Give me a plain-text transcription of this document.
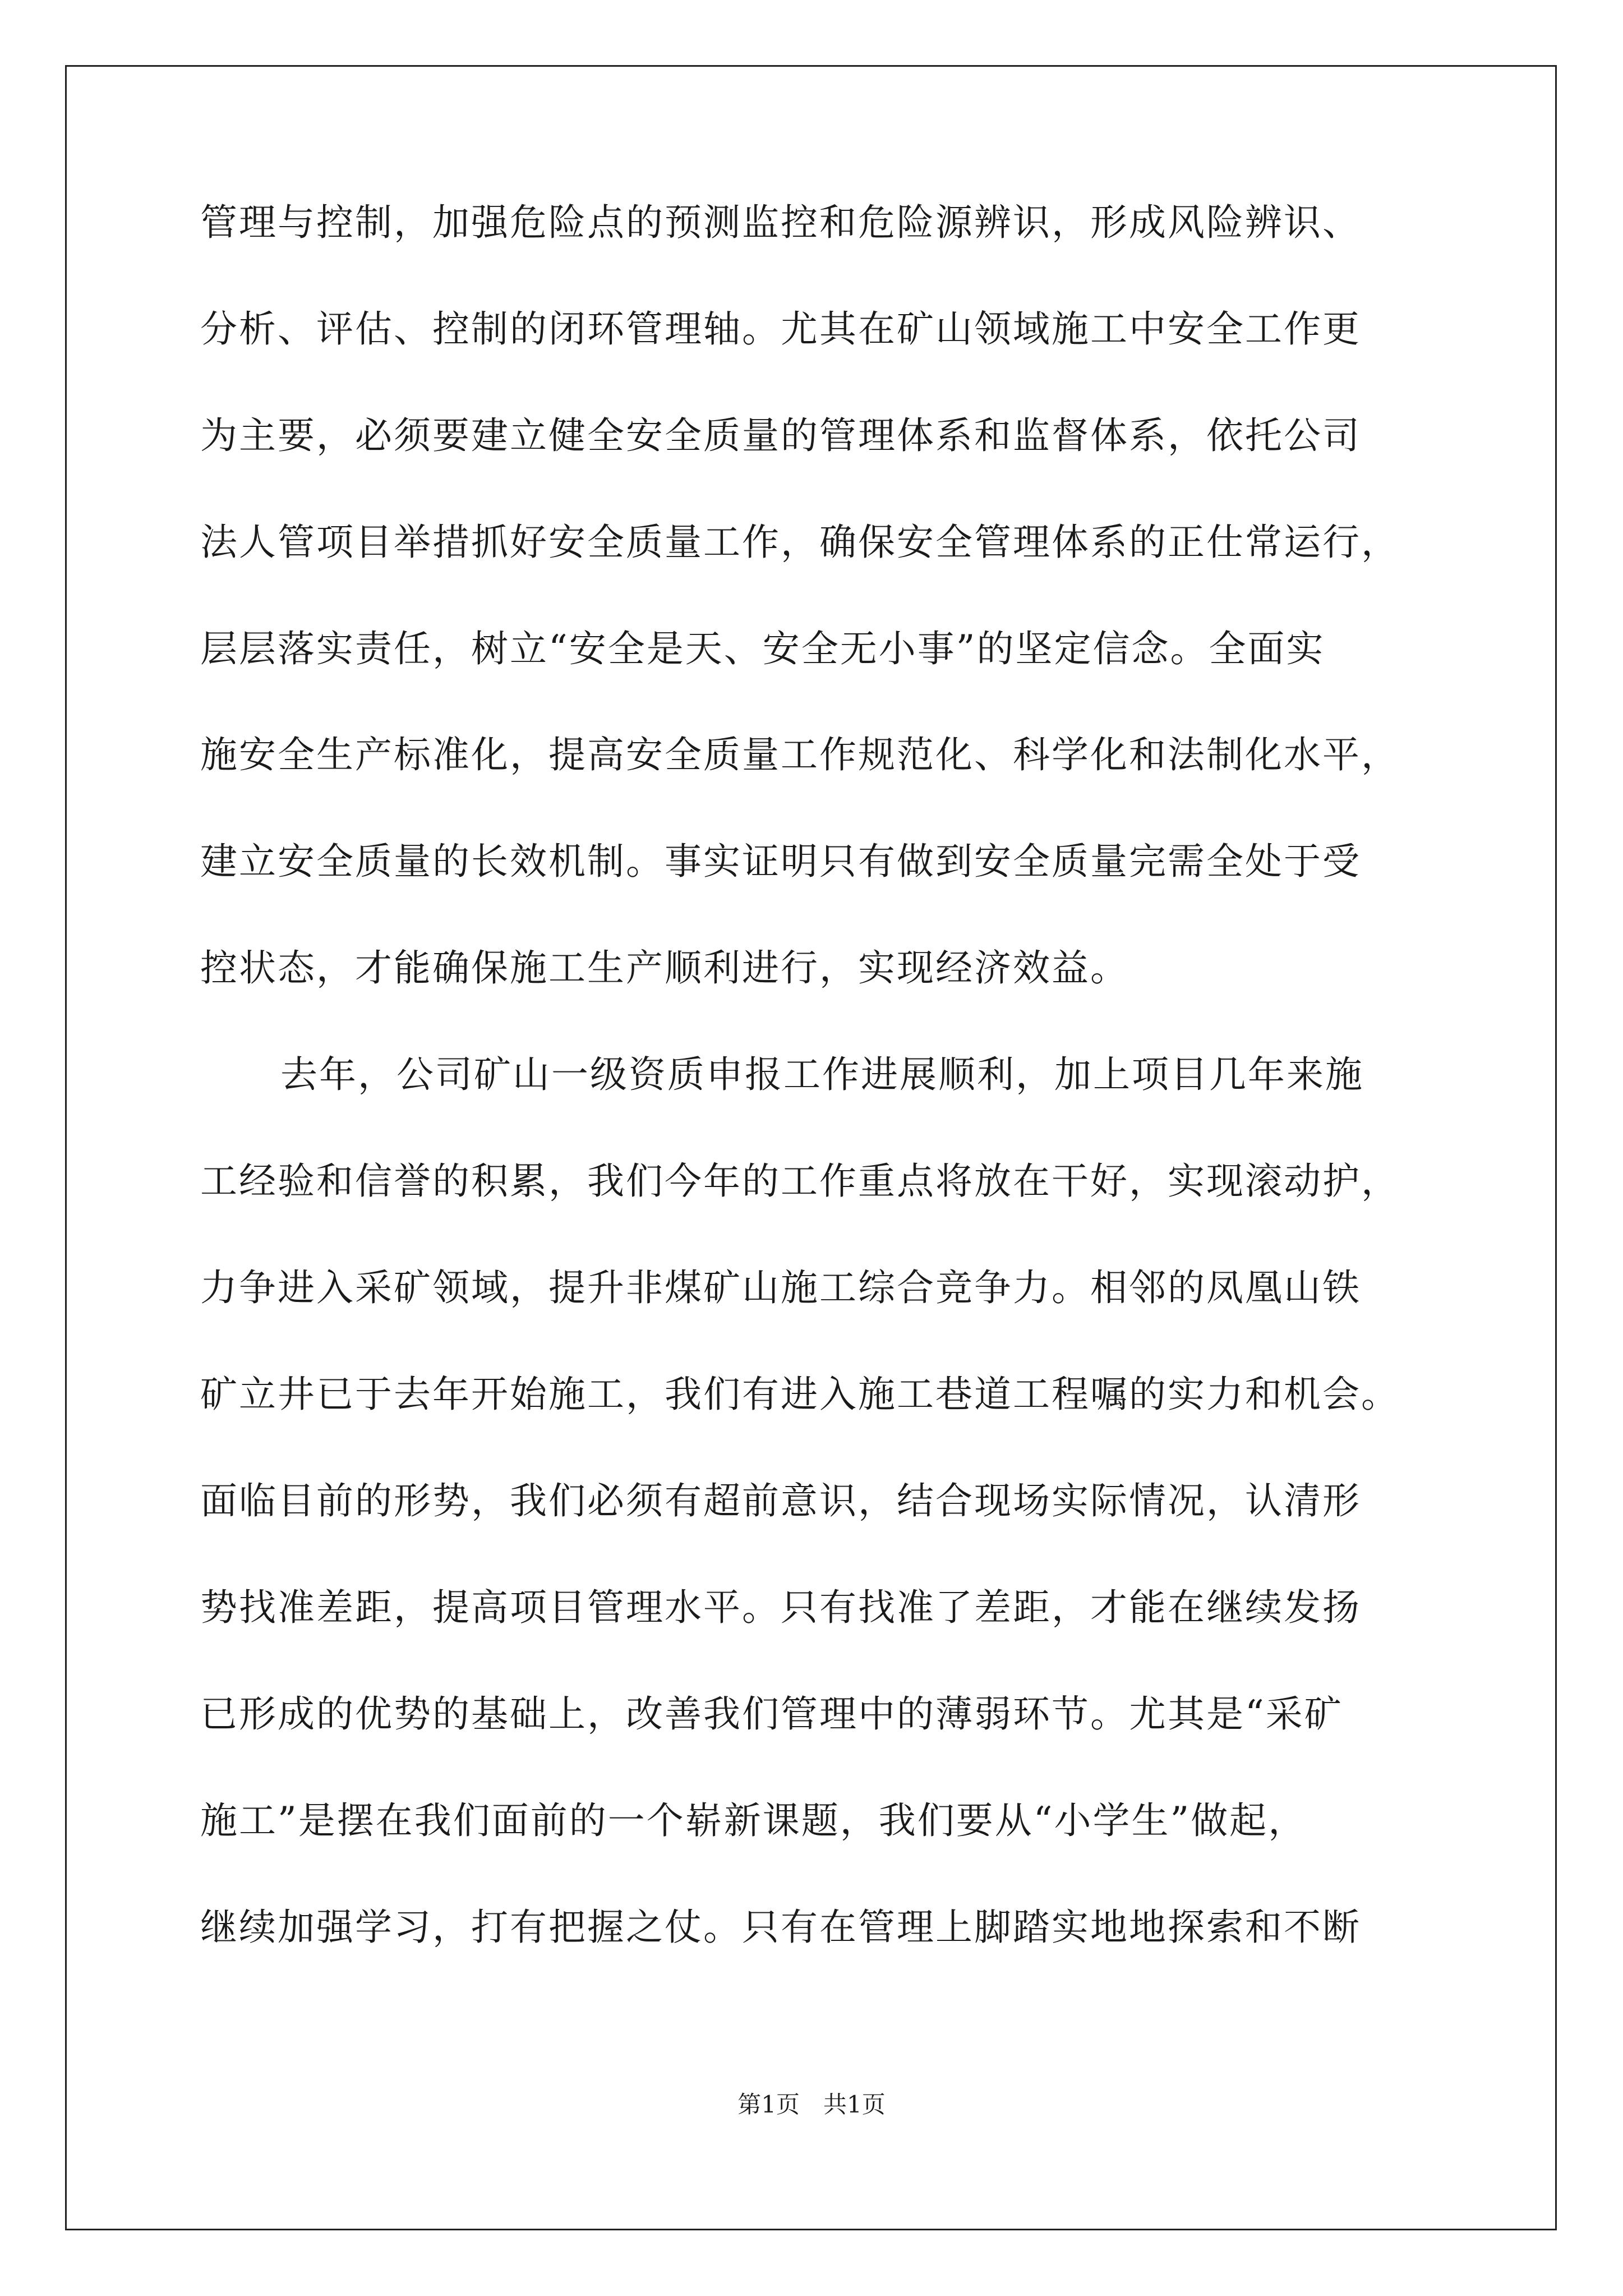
管理与控制，加强危险点的预测监控和危险源辨识，形成风险辨识、
分析、评估、控制的闭环管理轴。尤其在矿山领域施工中安全工作更
为主要，必须要建立健全安全质量的管理体系和监督体系，依托公司
法人管项目举措抓好安全质量工作，确保安全管理体系的正仕常运行，
层层落实责任，树立“安全是天、安全无小事”的坚定信念。全面实
施安全生产标准化，提高安全质量工作规范化、科学化和法制化水平，
建立安全质量的长效机制。事实证明只有做到安全质量完需全处于受
控状态，才能确保施工生产顺利进行，实现经济效益。
去年，公司矿山一级资质申报工作进展顺利，加上项目几年来施
工经验和信誉的积累，我们今年的工作重点将放在干好，实现滚动护，
力争进入采矿领域，提升非煤矿山施工综合竞争力。相邻的凤凰山铁
矿立井已于去年开始施工，我们有进入施工巷道工程嘱的实力和机会。
面临目前的形势，我们必须有超前意识，结合现场实际情况，认清形
势找准差距，提高项目管理水平。只有找准了差距，才能在继续发扬
已形成的优势的基础上，改善我们管理中的薄弱环节。尤其是“采矿
施工”是摆在我们面前的一个崭新课题，我们要从“小学生”做起，
继续加强学习，打有把握之仗。只有在管理上脚踏实地地探索和不断
第1页　共1页
